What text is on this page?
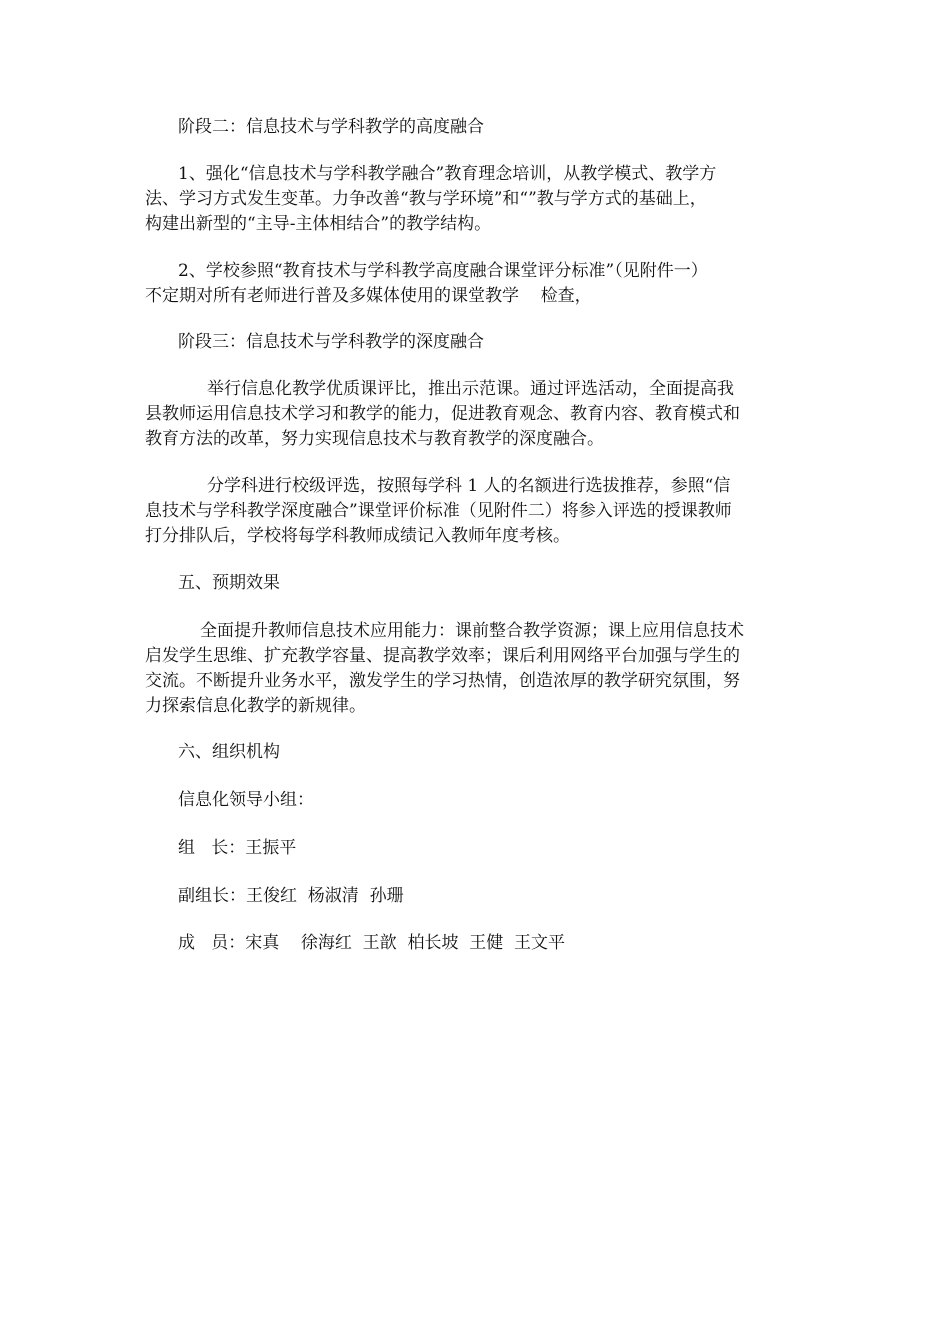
阶段二：信息技术与学科教学的高度融合

1、强化“信息技术与学科教学融合”教育理念培训，从教学模式、教学方
法、学习方式发生变革。力争改善“教与学环境”和“”教与学方式的基础上，
构建出新型的“主导-主体相结合”的教学结构。

2、学校参照“教育技术与学科教学高度融合课堂评分标准”（见附件一）
不定期对所有老师进行普及多媒体使用的课堂教学    检查，

阶段三：信息技术与学科教学的深度融合

举行信息化教学优质课评比，推出示范课。通过评选活动，全面提高我
县教师运用信息技术学习和教学的能力，促进教育观念、教育内容、教育模式和
教育方法的改革，努力实现信息技术与教育教学的深度融合。

分学科进行校级评选，按照每学科 1 人的名额进行选拔推荐，参照“信
息技术与学科教学深度融合”课堂评价标准（见附件二）将参入评选的授课教师
打分排队后，学校将每学科教师成绩记入教师年度考核。

五、预期效果

全面提升教师信息技术应用能力：课前整合教学资源；课上应用信息技术
启发学生思维、扩充教学容量、提高教学效率；课后利用网络平台加强与学生的
交流。不断提升业务水平，激发学生的学习热情，创造浓厚的教学研究氛围，努
力探索信息化教学的新规律。

六、组织机构

信息化领导小组：

组   长：王振平

副组长：王俊红  杨淑清  孙珊

成   员：宋真    徐海红  王歆  柏长坡  王健  王文平
